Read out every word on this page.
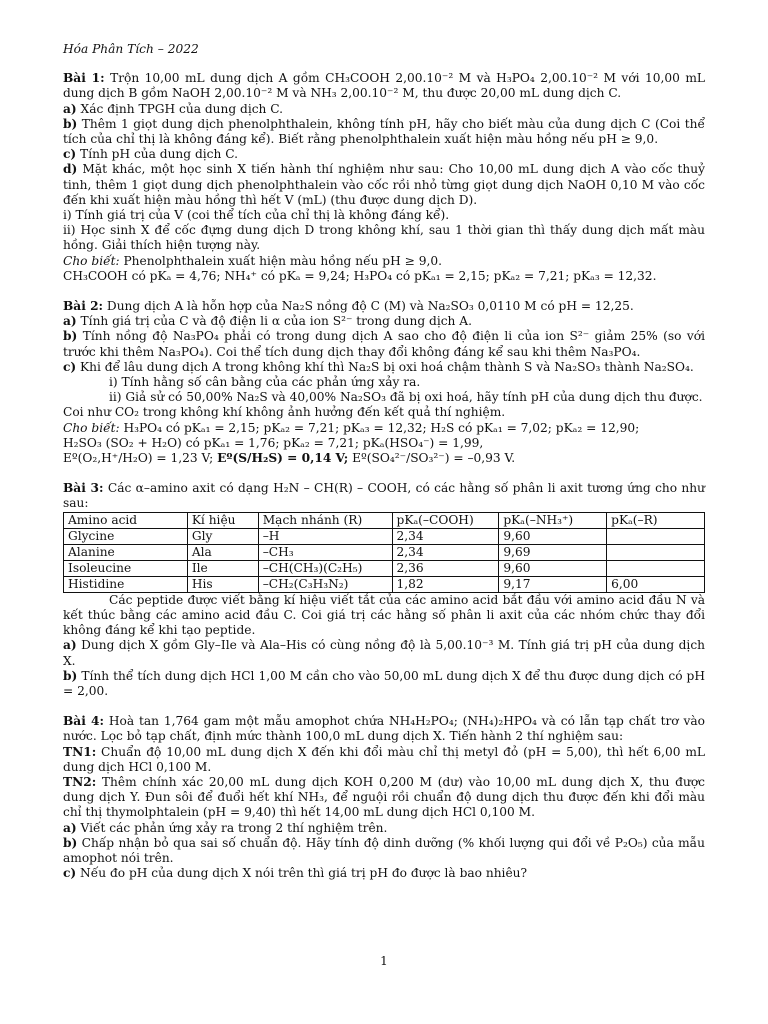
Hóa Phân Tích – 2022

Bài 1: Trộn 10,00 mL dung dịch A gồm CH₃COOH 2,00.10⁻² M và H₃PO₄ 2,00.10⁻² M với 10,00 mL dung dịch B gồm NaOH 2,00.10⁻² M và NH₃ 2,00.10⁻² M, thu được 20,00 mL dung dịch C.

a) Xác định TPGH của dung dịch C.

b) Thêm 1 giọt dung dịch phenolphthalein, không tính pH, hãy cho biết màu của dung dịch C (Coi thể tích của chỉ thị là không đáng kể). Biết rằng phenolphthalein xuất hiện màu hồng nếu pH ≥ 9,0.

c) Tính pH của dung dịch C.

d) Mặt khác, một học sinh X tiến hành thí nghiệm như sau: Cho 10,00 mL dung dịch A vào cốc thuỷ tinh, thêm 1 giọt dung dịch phenolphthalein vào cốc rồi nhỏ từng giọt dung dịch NaOH 0,10 M vào cốc đến khi xuất hiện màu hồng thì hết V (mL) (thu được dung dịch D).

i) Tính giá trị của V (coi thể tích của chỉ thị là không đáng kể).

ii) Học sinh X để cốc đựng dung dịch D trong không khí, sau 1 thời gian thì thấy dung dịch mất màu hồng. Giải thích hiện tượng này.

Cho biết: Phenolphthalein xuất hiện màu hồng nếu pH ≥ 9,0.

CH₃COOH có pKₐ = 4,76; NH₄⁺ có pKₐ = 9,24; H₃PO₄ có pKₐ₁ = 2,15; pKₐ₂ = 7,21; pKₐ₃ = 12,32.

Bài 2: Dung dịch A là hỗn hợp của Na₂S nồng độ C (M) và Na₂SO₃ 0,0110 M có pH = 12,25.

a) Tính giá trị của C và độ điện li α của ion S²⁻ trong dung dịch A.

b) Tính nồng độ Na₃PO₄ phải có trong dung dịch A sao cho độ điện li của ion S²⁻ giảm 25% (so với trước khi thêm Na₃PO₄). Coi thể tích dung dịch thay đổi không đáng kể sau khi thêm Na₃PO₄.

c) Khi để lâu dung dịch A trong không khí thì Na₂S bị oxi hoá chậm thành S và Na₂SO₃ thành Na₂SO₄.

i) Tính hằng số cân bằng của các phản ứng xảy ra.

ii) Giả sử có 50,00% Na₂S và 40,00% Na₂SO₃ đã bị oxi hoá, hãy tính pH của dung dịch thu được.

Coi như CO₂ trong không khí không ảnh hưởng đến kết quả thí nghiệm.

Cho biết: H₃PO₄ có pKₐ₁ = 2,15; pKₐ₂ = 7,21; pKₐ₃ = 12,32; H₂S có pKₐ₁ = 7,02; pKₐ₂ = 12,90;

H₂SO₃ (SO₂ + H₂O) có pKₐ₁ = 1,76; pKₐ₂ = 7,21; pKₐ(HSO₄⁻) = 1,99,

Eº(O₂,H⁺/H₂O) = 1,23 V; Eº(S/H₂S) = 0,14 V; Eº(SO₄²⁻/SO₃²⁻) = –0,93 V.

Bài 3: Các α–amino axit có dạng H₂N – CH(R) – COOH, có các hằng số phân li axit tương ứng cho như sau:

Amino acid	Kí hiệu	Mạch nhánh (R)	pKₐ(–COOH)	pKₐ(–NH₃⁺)	pKₐ(–R)
Glycine	Gly	–H	2,34	9,60	
Alanine	Ala	–CH₃	2,34	9,69	
Isoleucine	Ile	–CH(CH₃)(C₂H₅)	2,36	9,60	
Histidine	His	–CH₂(C₃H₃N₂)	1,82	9,17	6,00

Các peptide được viết bằng kí hiệu viết tắt của các amino acid bắt đầu với amino acid đầu N và kết thúc bằng các amino acid đầu C. Coi giá trị các hằng số phân li axit của các nhóm chức thay đổi không đáng kể khi tạo peptide.

a) Dung dịch X gồm Gly–Ile và Ala–His có cùng nồng độ là 5,00.10⁻³ M. Tính giá trị pH của dung dịch X.

b) Tính thể tích dung dịch HCl 1,00 M cần cho vào 50,00 mL dung dịch X để thu được dung dịch có pH = 2,00.

Bài 4: Hoà tan 1,764 gam một mẫu amophot chứa NH₄H₂PO₄; (NH₄)₂HPO₄ và có lẫn tạp chất trơ vào nước. Lọc bỏ tạp chất, định mức thành 100,0 mL dung dịch X. Tiến hành 2 thí nghiệm sau:

TN1: Chuẩn độ 10,00 mL dung dịch X đến khi đổi màu chỉ thị metyl đỏ (pH = 5,00), thì hết 6,00 mL dung dịch HCl 0,100 M.

TN2: Thêm chính xác 20,00 mL dung dịch KOH 0,200 M (dư) vào 10,00 mL dung dịch X, thu được dung dịch Y. Đun sôi để đuổi hết khí NH₃, để nguội rồi chuẩn độ dung dịch thu được đến khi đổi màu chỉ thị thymolphtalein (pH = 9,40) thì hết 14,00 mL dung dịch HCl 0,100 M.

a) Viết các phản ứng xảy ra trong 2 thí nghiệm trên.

b) Chấp nhận bỏ qua sai số chuẩn độ. Hãy tính độ dinh dưỡng (% khối lượng qui đổi về P₂O₅) của mẫu amophot nói trên.

c) Nếu đo pH của dung dịch X nói trên thì giá trị pH đo được là bao nhiêu?

1
